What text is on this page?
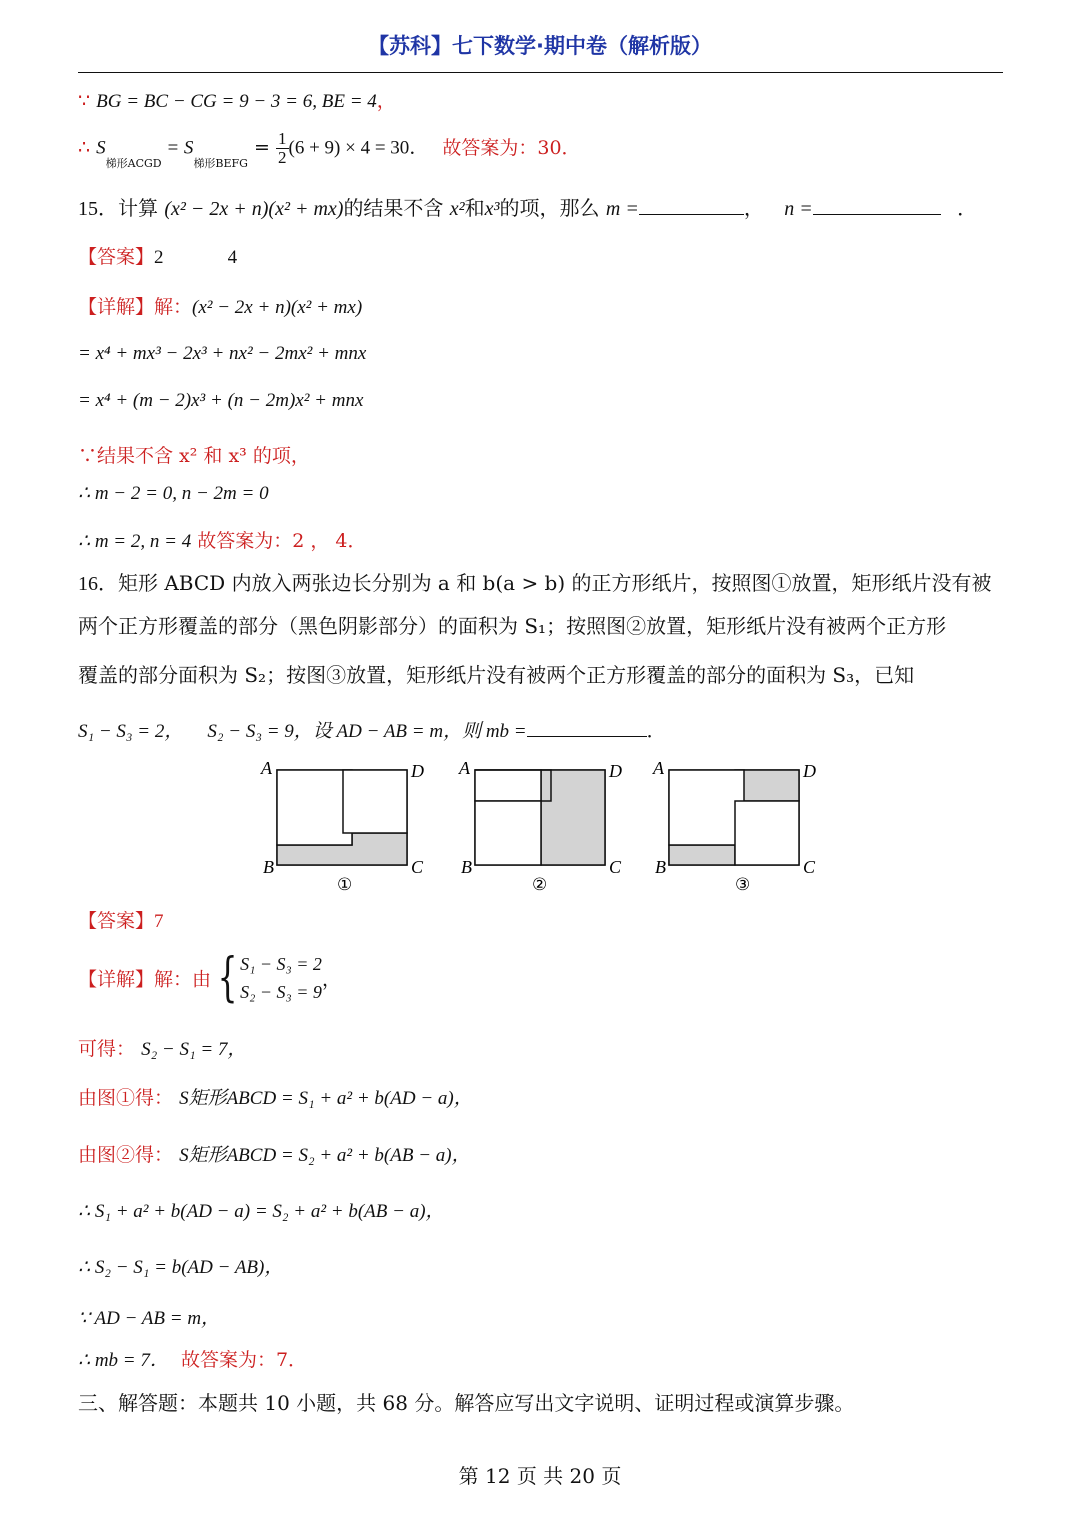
【苏科】七下数学·期中卷（解析版）
∵ BG = BC − CG = 9 − 3 = 6, BE = 4，
∴ $S_{梯形ACGD} = S_{梯形BEFG} = \frac{1}{2} (6 + 9) \times 4 = 30$． 故答案为：30．
15．计算 (x² − 2x + n)(x² + mx)的结果不含 x²和x³的项，那么 m =	， n =	．
【答案】2	4
【详解】解：(x² − 2x + n)(x² + mx)
= x⁴ + mx³ − 2x³ + nx² − 2mx² + mnx
= x⁴ + (m − 2)x³ + (n − 2m)x² + mnx
∵结果不含 x² 和 x³ 的项，
∴ m − 2 = 0, n − 2m = 0
∴ m = 2, n = 4 故答案为：2 ， 4．
16．矩形 ABCD 内放入两张边长分别为 a 和 b(a > b) 的正方形纸片，按照图①放置，矩形纸片没有被
两个正方形覆盖的部分（黑色阴影部分）的面积为 S₁；按照图②放置，矩形纸片没有被两个正方形
覆盖的部分面积为 S₂；按图③放置，矩形纸片没有被两个正方形覆盖的部分的面积为 S₃，已知
S₁ − S₃ = 2， S₂ − S₃ = 9，设 AD − AB = m，则 mb =	．
A	D
B	C
①
A	D
B	C
②
A	D
B	C
③
【答案】7
【详解】解：由 { S₁ − S₃ = 2
S₂ − S₃ = 9
，
可得： S₂ − S₁ = 7，
由图①得： S矩形ABCD = S₁ + a² + b(AD − a)，
由图②得： S矩形ABCD = S₂ + a² + b(AB − a)，
∴ S₁ + a² + b(AD − a) = S₂ + a² + b(AB − a)，
∴ S₂ − S₁ = b(AD − AB)，
∵ AD − AB = m，
∴ mb = 7． 故答案为：7．
三、解答题：本题共 10 小题，共 68 分。解答应写出文字说明、证明过程或演算步骤。
第 12 页 共 20 页
